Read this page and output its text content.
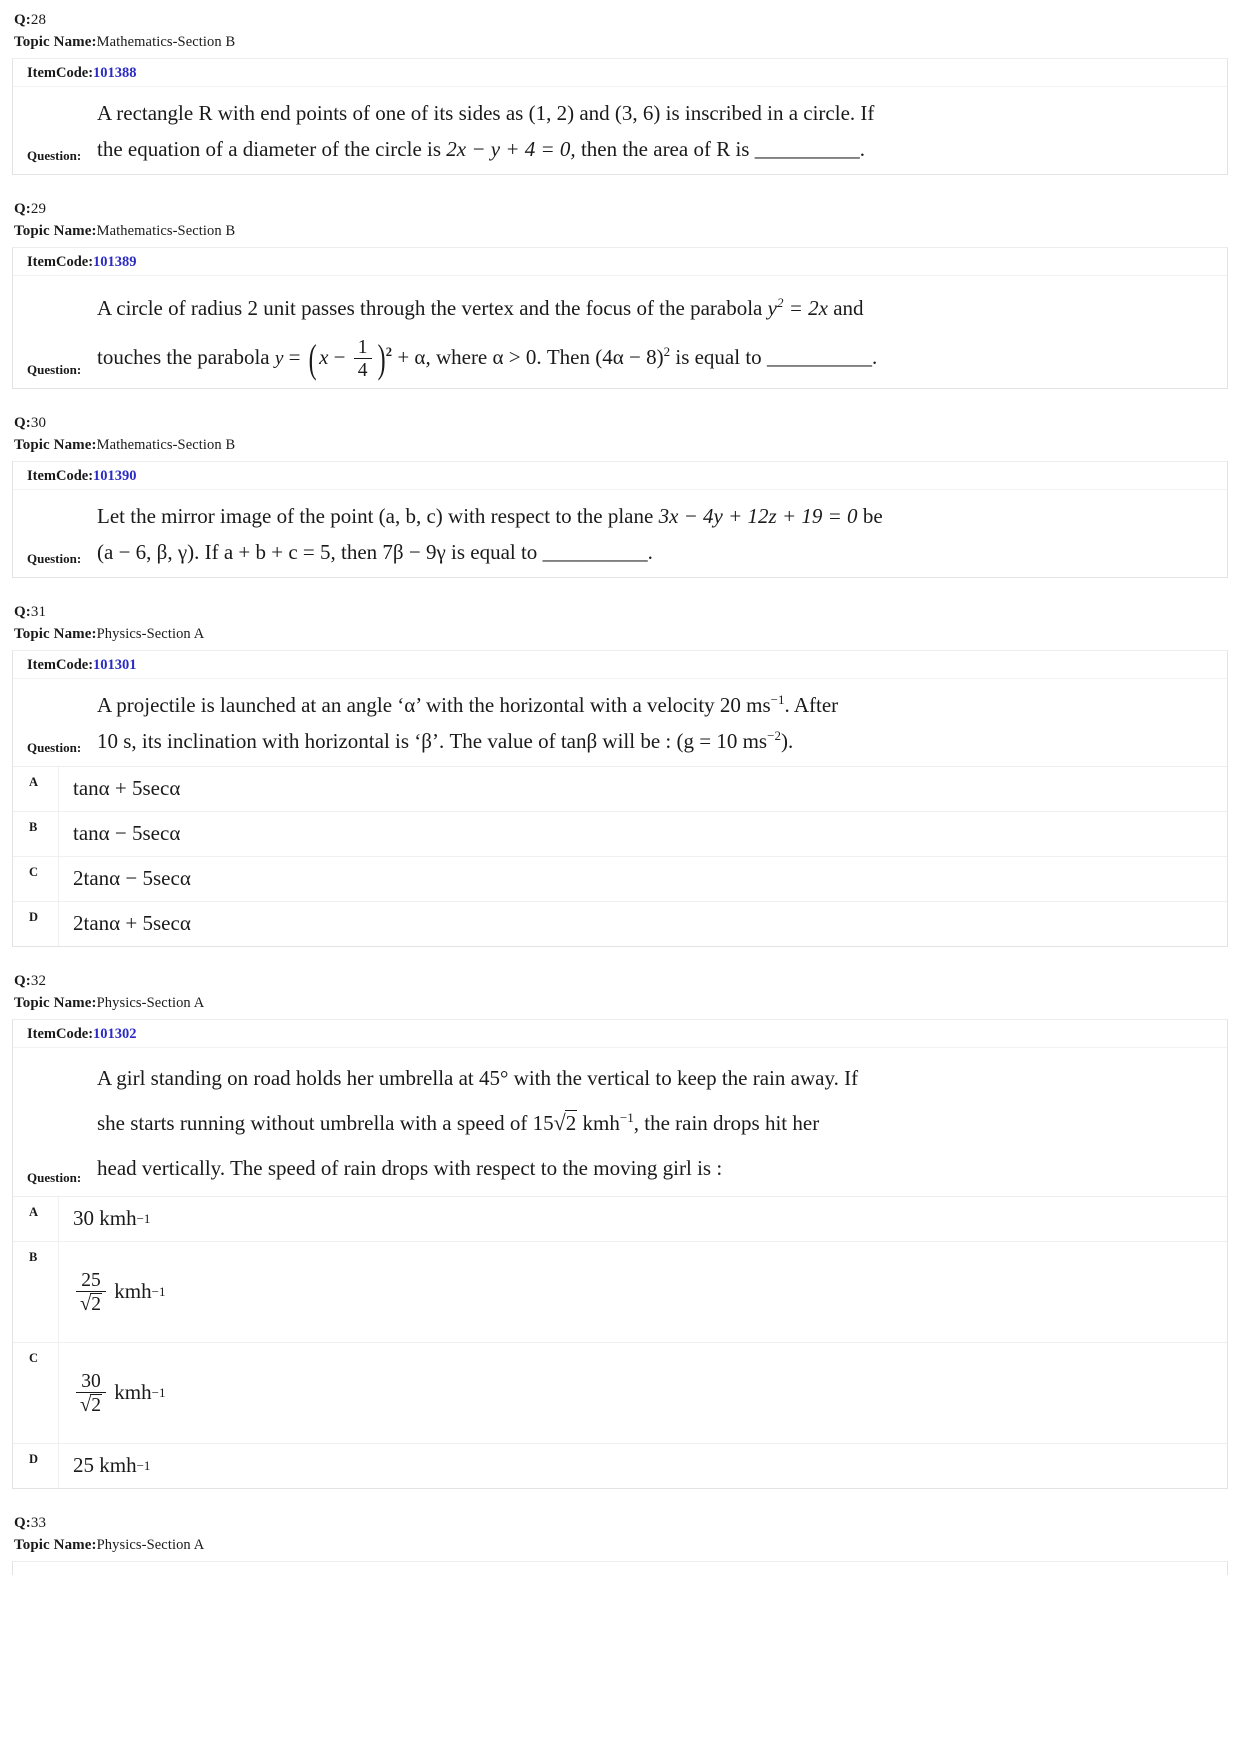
Q:28
Topic Name:Mathematics-Section B
ItemCode:101388
Question:
A rectangle R with end points of one of its sides as (1, 2) and (3, 6) is inscribed in a circle. If
the equation of a diameter of the circle is 2x − y + 4 = 0, then the area of R is __________.
Q:29
Topic Name:Mathematics-Section B
ItemCode:101389
Question:
A circle of radius 2 unit passes through the vertex and the focus of the parabola $y^2 = 2x$ and
touches the parabola y = ( $x - \frac{1}{4} )^2 + \alpha$, where α > 0. Then $(4\alpha - 8)^2$ is equal to __________.
Q:30
Topic Name:Mathematics-Section B
ItemCode:101390
Question:
Let the mirror image of the point (a, b, c) with respect to the plane 3x − 4y + 12z + 19 = 0 be
(a − 6, β, γ). If a + b + c = 5, then 7β − 9γ is equal to __________.
Q:31
Topic Name:Physics-Section A
ItemCode:101301
Question:
A projectile is launched at an angle ‘α’ with the horizontal with a velocity 20 $ms^{-1}$. After
10 s, its inclination with horizontal is ‘β’. The value of tanβ will be : (g = 10 $ms^{-2}$).
A	tanα + 5secα
B	tanα − 5secα
C	2tanα − 5secα
D	2tanα + 5secα
Q:32
Topic Name:Physics-Section A
ItemCode:101302
Question:
A girl standing on road holds her umbrella at 45° with the vertical to keep the rain away. If
she starts running without umbrella with a speed of 15√2 kmh$^{-1}$, the rain drops hit her
head vertically. The speed of rain drops with respect to the moving girl is :
A	30
kmh −1
B
$\frac{25}{√2}$
kmh −1
C
$\frac{30}{√2}$
kmh −1
D	25
kmh −1
Q:33
Topic Name:Physics-Section A
